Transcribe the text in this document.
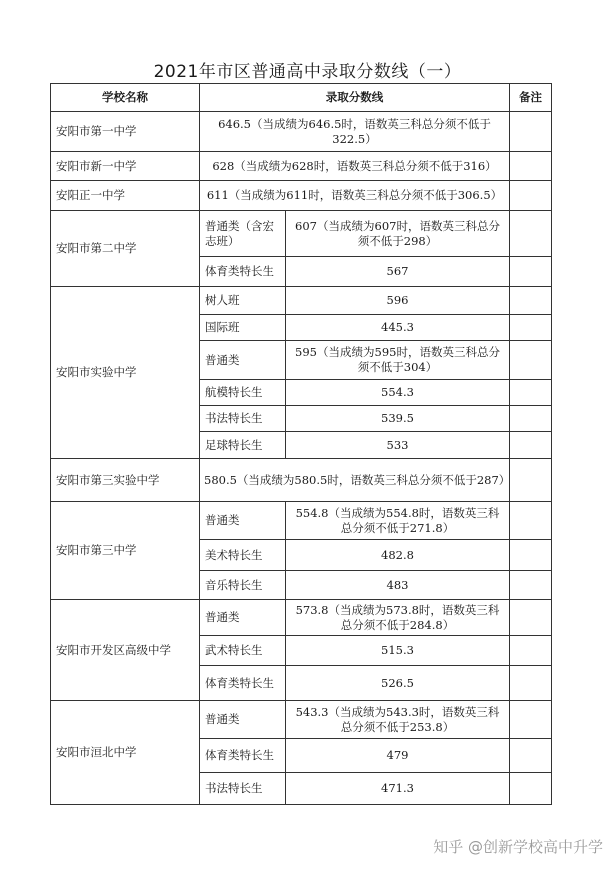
2021年市区普通高中录取分数线（一）
学校名称	录取分数线		备注
安阳市第一中学	646.5（当成绩为646.5时，语数英三科总分须不低于322.5）		
安阳市新一中学	628（当成绩为628时，语数英三科总分须不低于316）		
安阳正一中学	611（当成绩为611时，语数英三科总分须不低于306.5）		
安阳市第二中学	普通类（含宏志班）	607（当成绩为607时，语数英三科总分须不低于298）	
	体育类特长生	567	
安阳市实验中学	树人班	596	
	国际班	445.3	
	普通类	595（当成绩为595时，语数英三科总分须不低于304）	
	航模特长生	554.3	
	书法特长生	539.5	
	足球特长生	533	
安阳市第三实验中学	580.5（当成绩为580.5时，语数英三科总分须不低于287）		
安阳市第三中学	普通类	554.8（当成绩为554.8时，语数英三科总分须不低于271.8）	
	美术特长生	482.8	
	音乐特长生	483	
安阳市开发区高级中学	普通类	573.8（当成绩为573.8时，语数英三科总分须不低于284.8）	
	武术特长生	515.3	
	体育类特长生	526.5	
安阳市洹北中学	普通类	543.3（当成绩为543.3时，语数英三科总分须不低于253.8）	
	体育类特长生	479	
	书法特长生	471.3	
知乎 @创新学校高中升学
